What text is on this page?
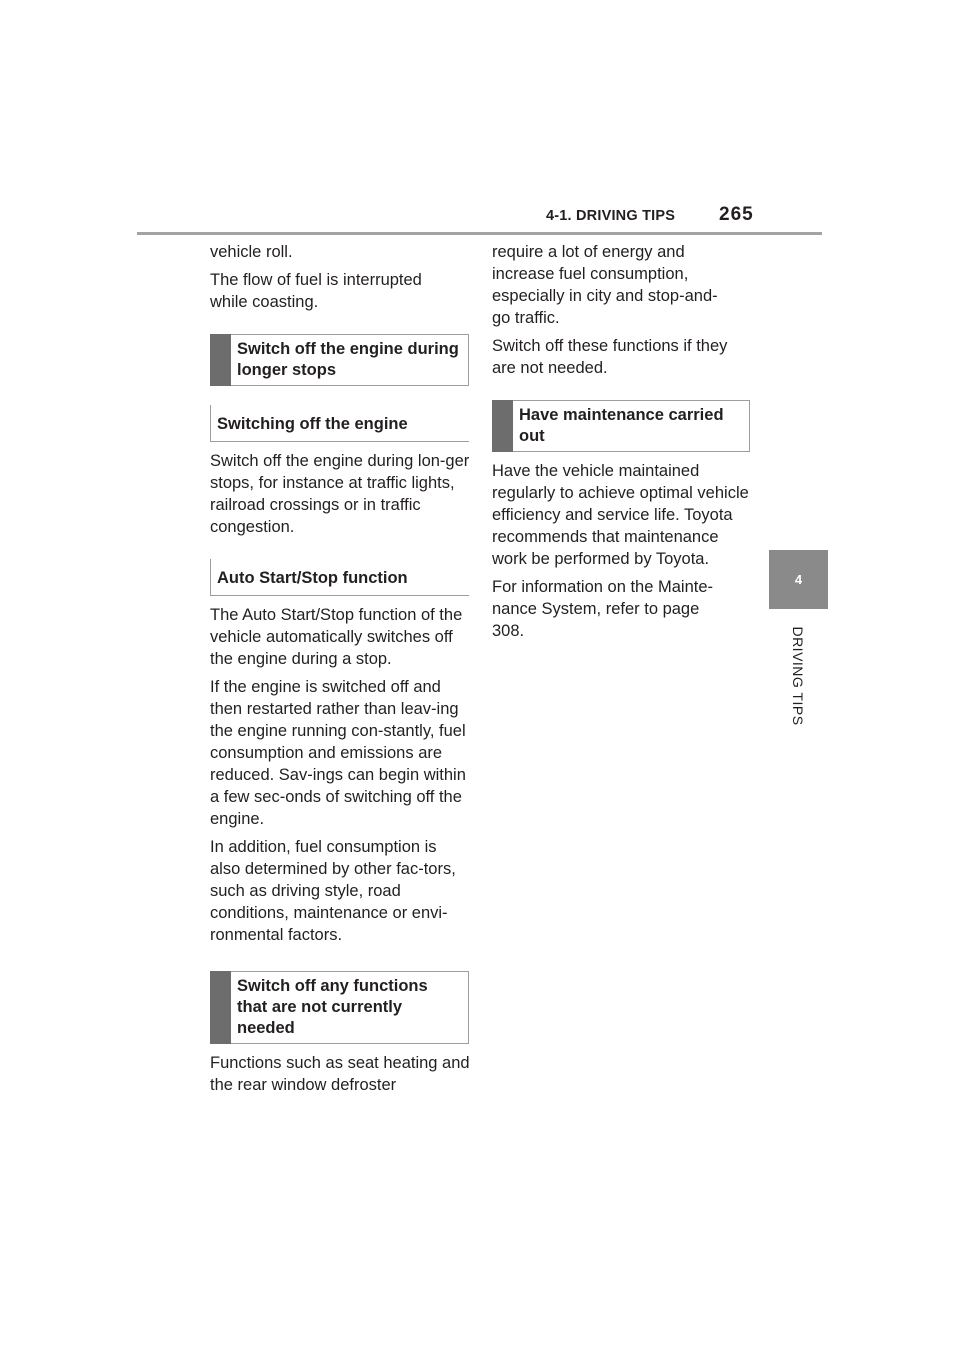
4-1. DRIVING TIPS 265
4
DRIVING TIPS

vehicle roll.

The flow of fuel is interrupted while coasting.

Switch off the engine during longer stops
Switching off the engine

Switch off the engine during lon-ger stops, for instance at traffic lights, railroad crossings or in traffic congestion.

Auto Start/Stop function

The Auto Start/Stop function of the vehicle automatically switches off the engine during a stop.

If the engine is switched off and then restarted rather than leav-ing the engine running con-stantly, fuel consumption and emissions are reduced. Sav-ings can begin within a few sec-onds of switching off the engine.

In addition, fuel consumption is also determined by other fac-tors, such as driving style, road conditions, maintenance or envi-ronmental factors.

Switch off any functions that are not currently needed

Functions such as seat heating and the rear window defroster

require a lot of energy and increase fuel consumption, especially in city and stop-and-go traffic.

Switch off these functions if they are not needed.

Have maintenance carried out

Have the vehicle maintained regularly to achieve optimal vehicle efficiency and service life. Toyota recommends that maintenance work be performed by Toyota.

For information on the Mainte-nance System, refer to page 308.
